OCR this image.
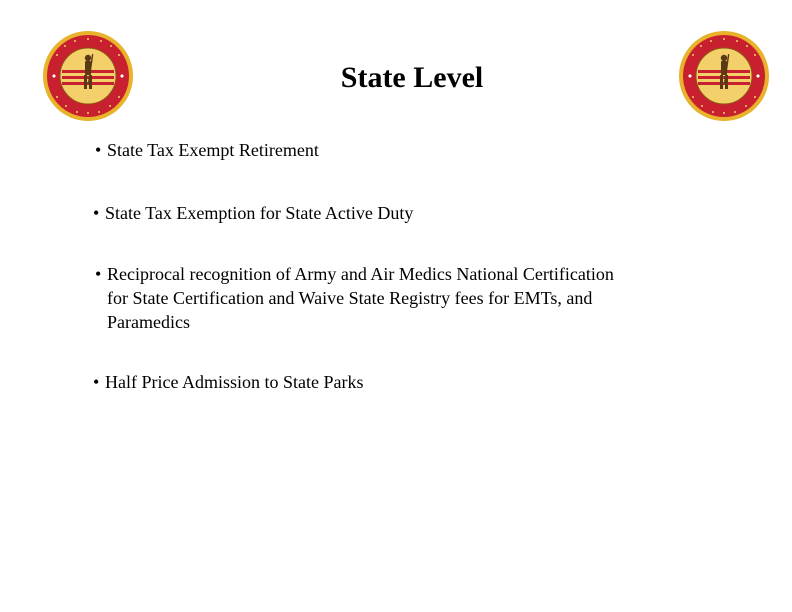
State Level
• State Tax Exempt Retirement
• State Tax Exemption for State Active Duty
• Reciprocal recognition of Army and Air Medics National Certification
for State Certification and Waive State Registry fees for EMTs, and
Paramedics
• Half Price Admission to State Parks
